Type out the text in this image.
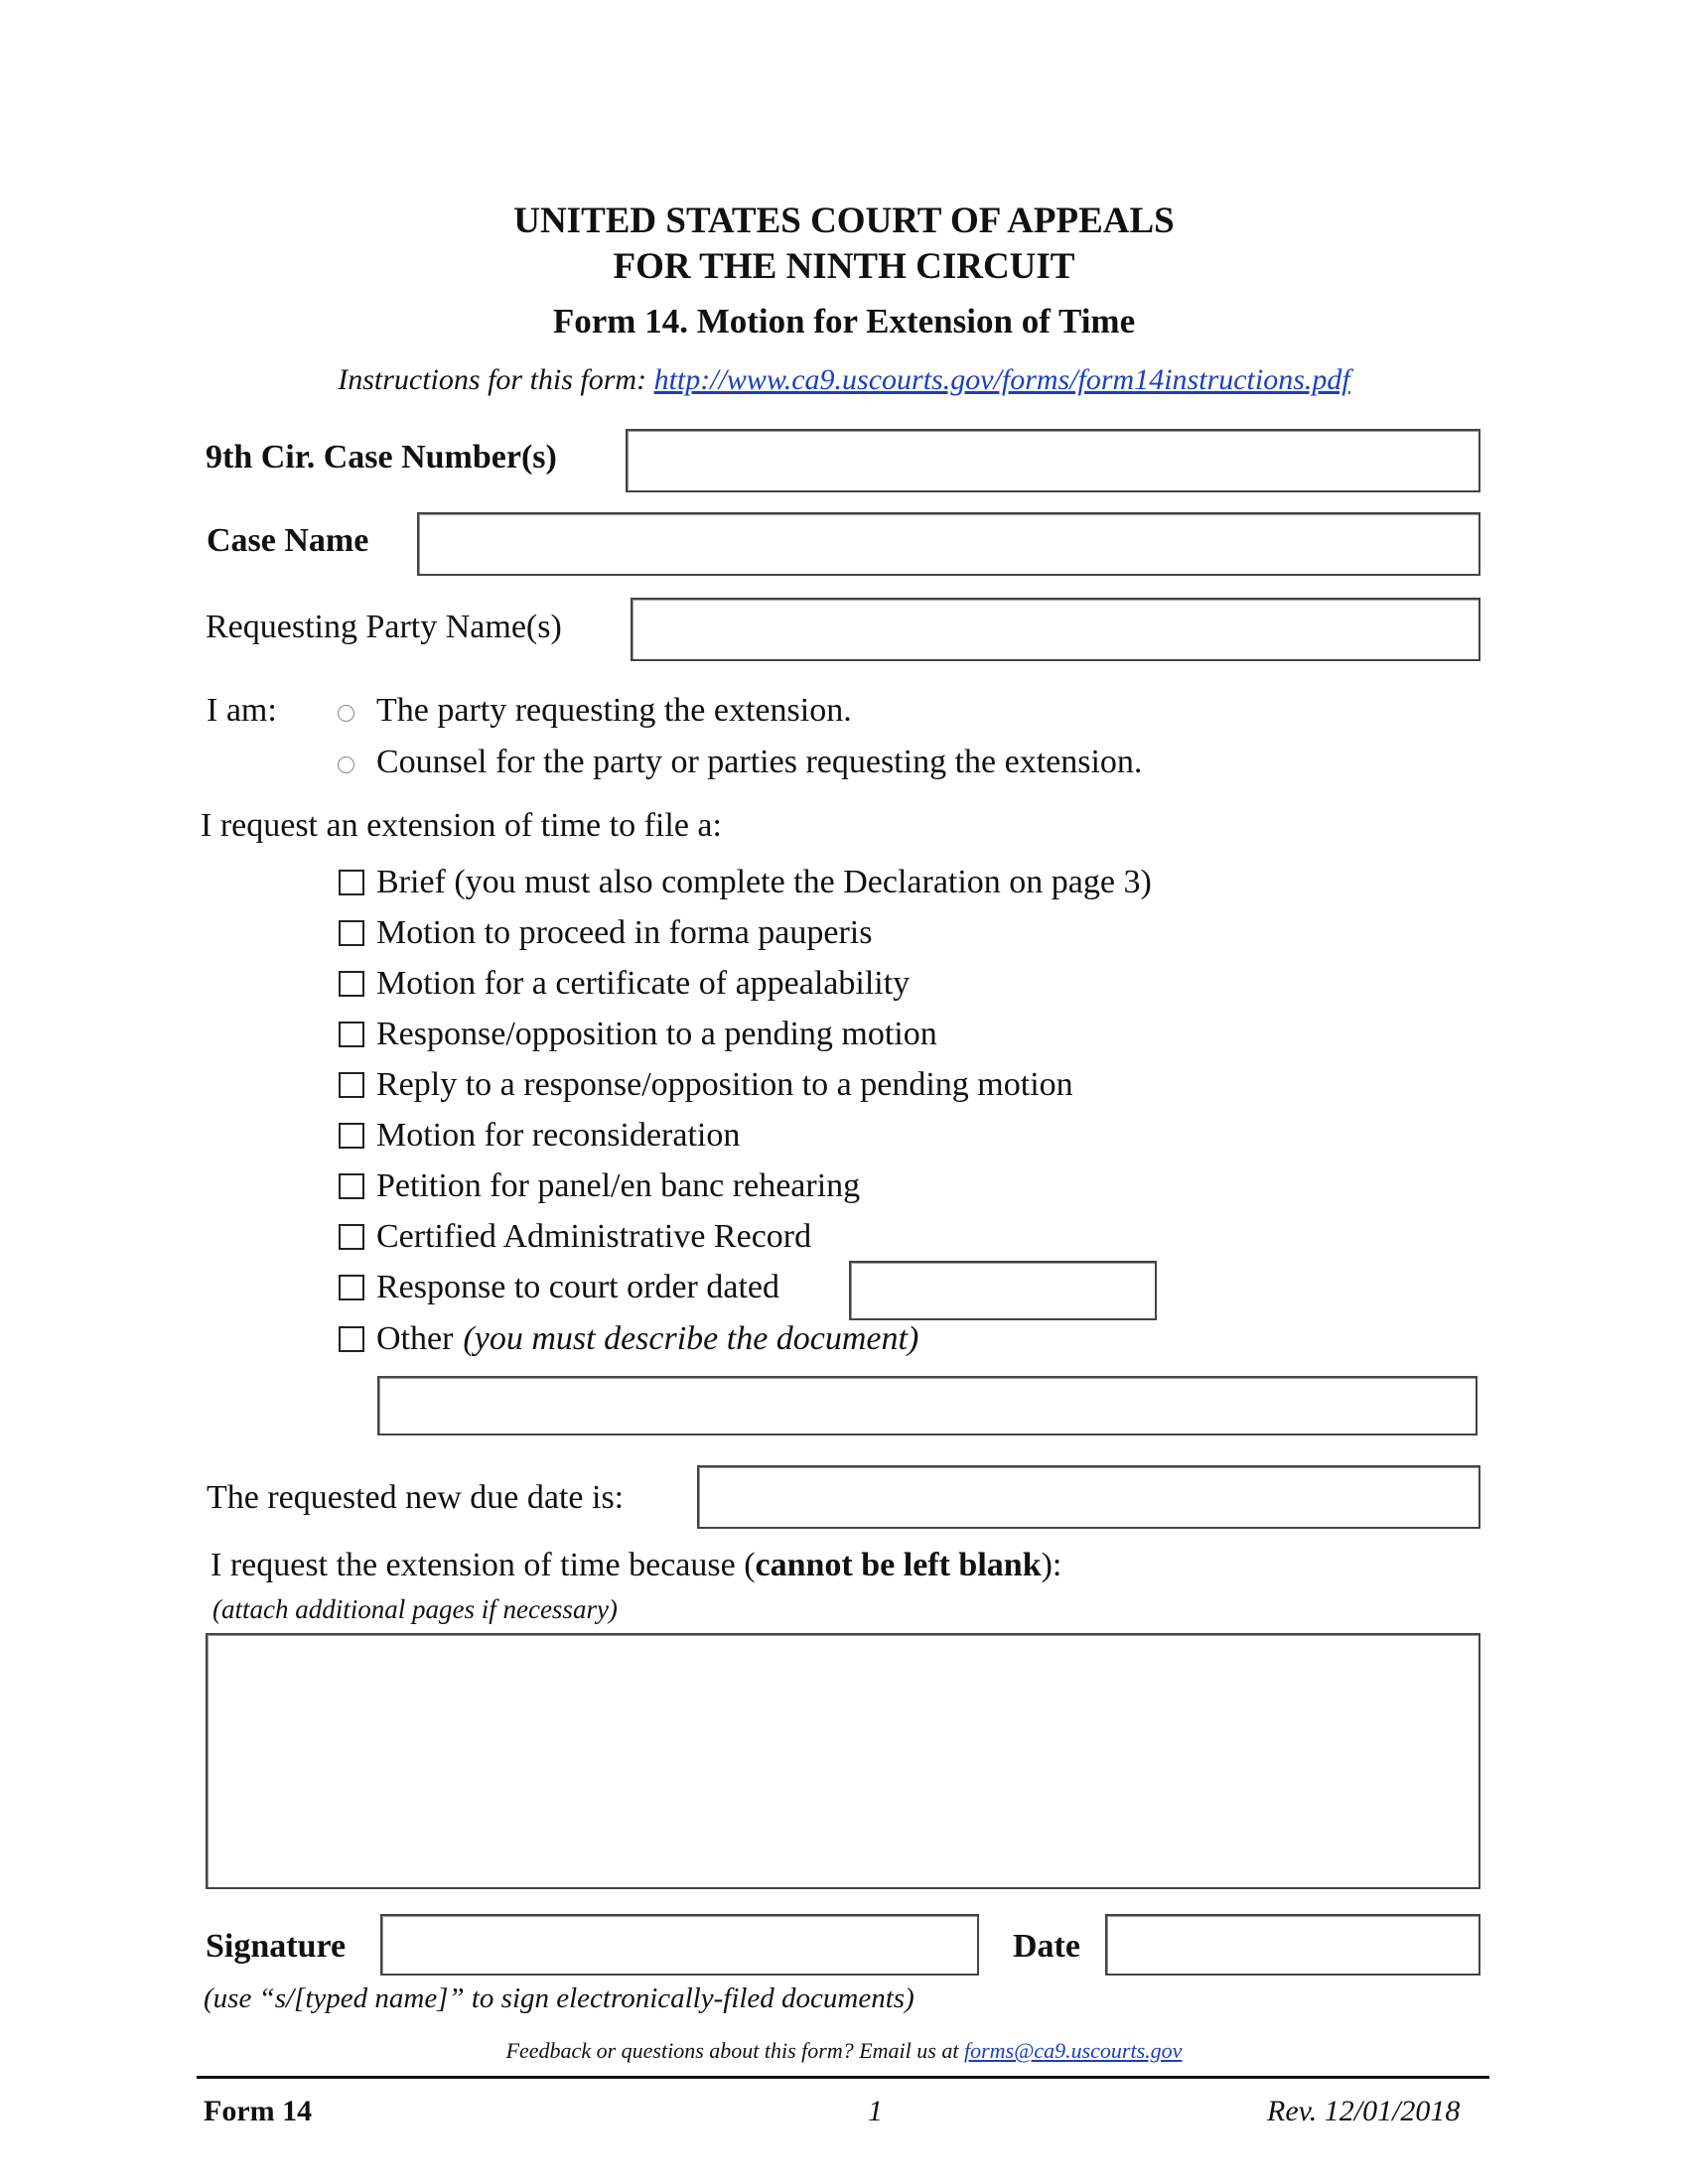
UNITED STATES COURT OF APPEALS
FOR THE NINTH CIRCUIT
Form 14. Motion for Extension of Time
Instructions for this form: http://www.ca9.uscourts.gov/forms/form14instructions.pdf
9th Cir. Case Number(s)
Case Name
Requesting Party Name(s)
I am:	The party requesting the extension.
Counsel for the party or parties requesting the extension.
I request an extension of time to file a:
Brief (you must also complete the Declaration on page 3)
Motion to proceed in forma pauperis
Motion for a certificate of appealability
Response/opposition to a pending motion
Reply to a response/opposition to a pending motion
Motion for reconsideration
Petition for panel/en banc rehearing
Certified Administrative Record
Response to court order dated
Other (you must describe the document)
The requested new due date is:
I request the extension of time because (cannot be left blank):
(attach additional pages if necessary)
Signature	Date
(use “s/[typed name]” to sign electronically-filed documents)
Feedback or questions about this form? Email us at forms@ca9.uscourts.gov
Form 14	1	Rev. 12/01/2018
